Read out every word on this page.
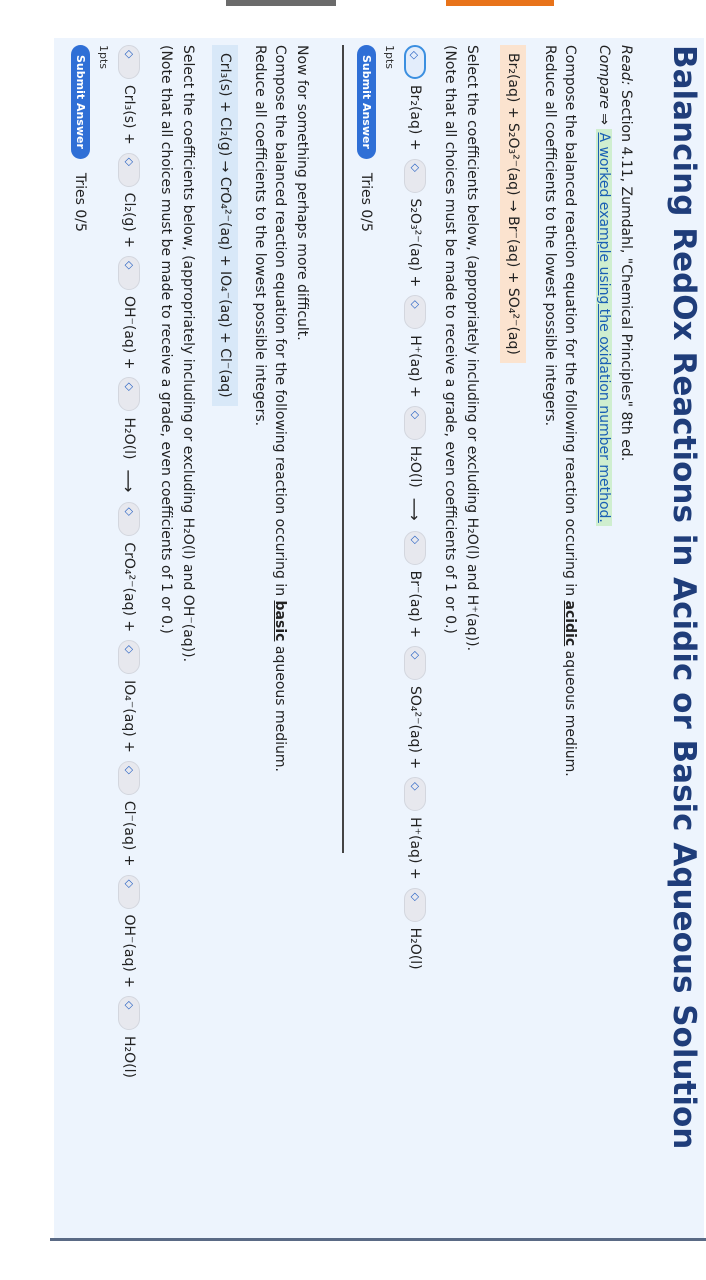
Balancing RedOx Reactions in Acidic or Basic Aqueous Solution
Read: Section 4.11, Zumdahl, "Chemical Principles" 8th ed.
Compare ⇒ A worked example using the oxidation number method.
Compose the balanced reaction equation for the following reaction occuring in acidic aqueous medium.
Reduce all coefficients to the lowest possible integers.
Br₂(aq) + S₂O₃²⁻(aq) → Br⁻(aq) + SO₄²⁻(aq)
Select the coefficients below, (appropriately including or excluding H₂O(l) and H⁺(aq)).
(Note that all choices must be made to receive a grade, even coefficients of 1 or 0.)
◇
Br₂(aq) +
◇
S₂O₃²⁻(aq) +
◇
H⁺(aq) +
◇
H₂O(l)
⟶
◇
Br⁻(aq) +
◇
SO₄²⁻(aq) +
◇
H⁺(aq) +
◇
H₂O(l)
1pts
Submit Answer
Tries 0/5
Now for something perhaps more difficult.
Compose the balanced reaction equation for the following reaction occuring in basic aqueous medium.
Reduce all coefficients to the lowest possible integers.
CrI₃(s) + Cl₂(g) → CrO₄²⁻(aq) + IO₄⁻(aq) + Cl⁻(aq)
Select the coefficients below, (appropriately including or excluding H₂O(l) and OH⁻(aq)).
(Note that all choices must be made to receive a grade, even coefficients of 1 or 0.)
◇
CrI₃(s) +
◇
Cl₂(g) +
◇
OH⁻(aq) +
◇
H₂O(l)
⟶
◇
CrO₄²⁻(aq) +
◇
IO₄⁻(aq) +
◇
Cl⁻(aq) +
◇
OH⁻(aq) +
◇
H₂O(l)
1pts
Submit Answer
Tries 0/5
